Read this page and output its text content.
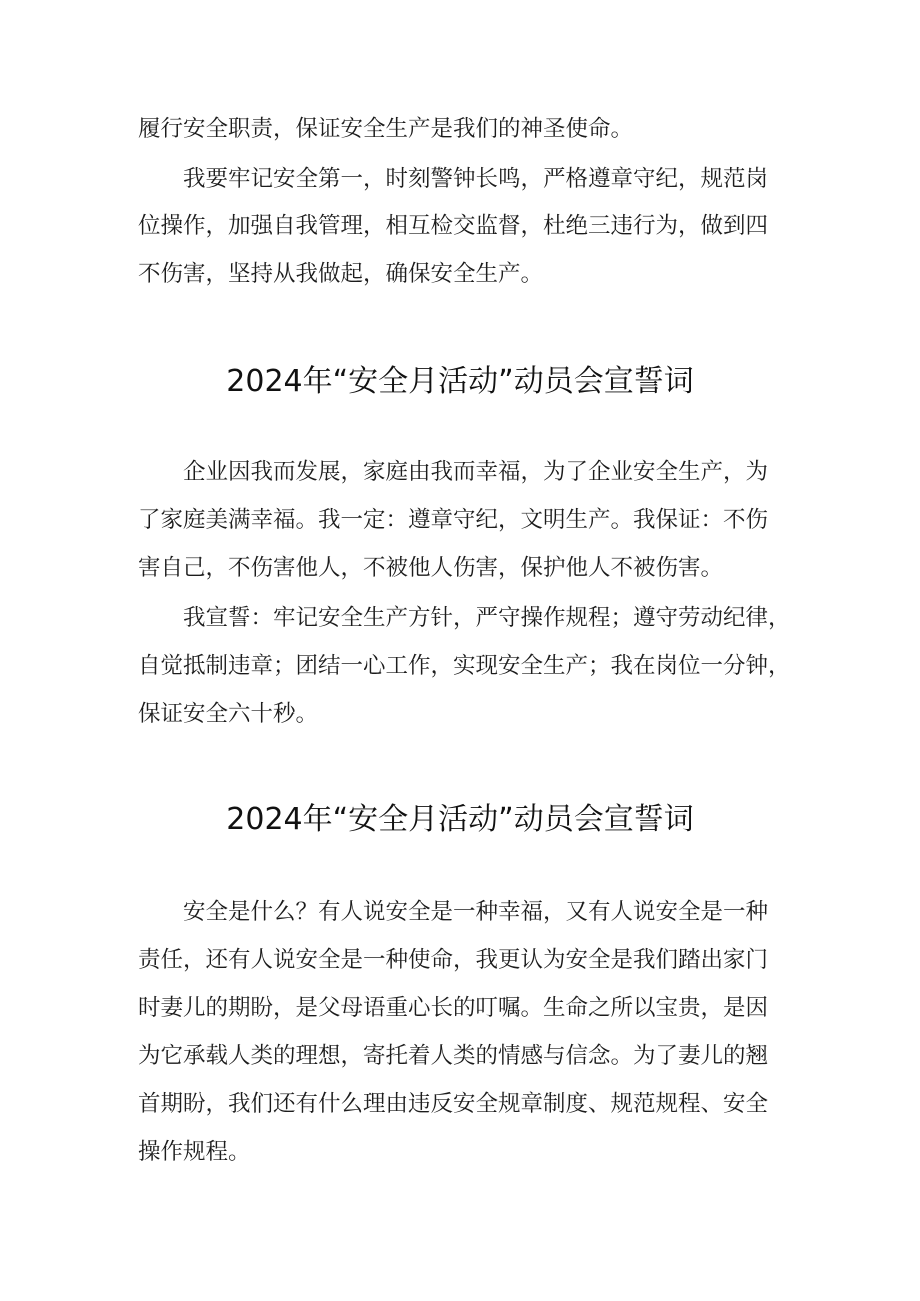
履行安全职责，保证安全生产是我们的神圣使命。
我要牢记安全第一，时刻警钟长鸣，严格遵章守纪，规范岗
位操作，加强自我管理，相互检交监督，杜绝三违行为，做到四
不伤害，坚持从我做起，确保安全生产。
2024年“安全月活动”动员会宣誓词
企业因我而发展，家庭由我而幸福，为了企业安全生产，为
了家庭美满幸福。我一定：遵章守纪，文明生产。我保证：不伤
害自己，不伤害他人，不被他人伤害，保护他人不被伤害。
我宣誓：牢记安全生产方针，严守操作规程；遵守劳动纪律，
自觉抵制违章；团结一心工作，实现安全生产；我在岗位一分钟，
保证安全六十秒。
2024年“安全月活动”动员会宣誓词
安全是什么？有人说安全是一种幸福，又有人说安全是一种
责任，还有人说安全是一种使命，我更认为安全是我们踏出家门
时妻儿的期盼，是父母语重心长的叮嘱。生命之所以宝贵，是因
为它承载人类的理想，寄托着人类的情感与信念。为了妻儿的翘
首期盼，我们还有什么理由违反安全规章制度、规范规程、安全
操作规程。
